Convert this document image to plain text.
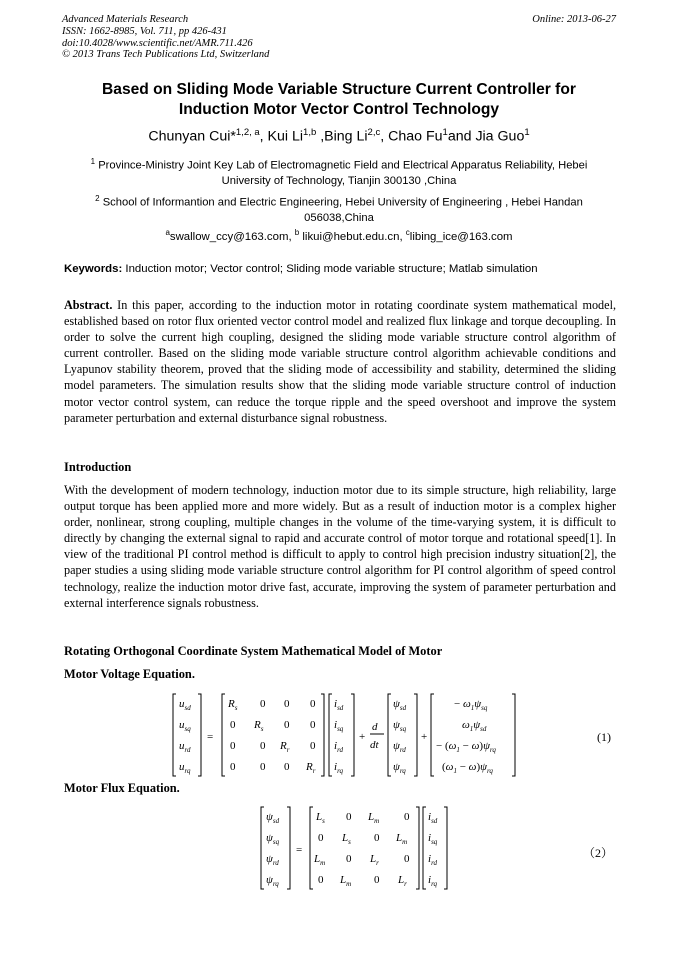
Advanced Materials Research
ISSN: 1662-8985, Vol. 711, pp 426-431
doi:10.4028/www.scientific.net/AMR.711.426
© 2013 Trans Tech Publications Ltd, Switzerland
Online: 2013-06-27
Based on Sliding Mode Variable Structure Current Controller for
Induction Motor Vector Control Technology
Chunyan Cui*$^{1,2, a}$, Kui Li$^{1,b}$ ,Bing Li$^{2,c}$, Chao Fu$^1$and Jia Guo$^1$
$^1$ Province-Ministry Joint Key Lab of Electromagnetic Field and Electrical Apparatus Reliability, Hebei
University of Technology, Tianjin 300130 ,China
$^2$ School of Informantion and Electric Engineering, Hebei University of Engineering , Hebei Handan
056038,China
$^a$swallow_ccy@163.com, $^b$ likui@hebut.edu.cn, $^c$libing_ice@163.com
Keywords: Induction motor; Vector control; Sliding mode variable structure; Matlab simulation
Abstract. In this paper, according to the induction motor in rotating coordinate system mathematical model, established based on rotor flux oriented vector control model and realized flux linkage and torque decoupling. In order to solve the current high coupling, designed the sliding mode variable structure control algorithm of current controller. Based on the sliding mode variable structure control algorithm achievable conditions and Lyapunov stability theorem, proved that the sliding mode of accessibility and stability, determined the sliding model parameters. The simulation results show that the sliding mode variable structure control of induction motor vector control system, can reduce the torque ripple and the speed overshoot and improve the system parameter perturbation and external disturbance signal robustness.
Introduction
With the development of modern technology, induction motor due to its simple structure, high reliability, large output torque has been applied more and more widely. But as a result of induction motor is a complex higher order, nonlinear, strong coupling, multiple changes in the volume of the time-varying system, it is difficult to directly by changing the external signal to rapid and accurate control of motor torque and rotational speed[1]. In view of the traditional PI control method is difficult to apply to control high precision industry situation[2], the paper studies a using sliding mode variable structure control algorithm for PI control algorithm of speed control technology, realize the induction motor drive fast, accurate, improving the system of parameter perturbation and external interference signals robustness.
Rotating Orthogonal Coordinate System Mathematical Model of Motor
Motor Voltage Equation.
$u_{sd}$
$u_{sq}$
$u_{rd}$
$u_{rq}$
=
$R_s$ 0 0 0
0 $R_s$ 0 0
0 0 $R_r$ 0
0 0 0 $R_r$
$i_{sd}$
$i_{sq}$
$i_{rd}$
$i_{rq}$
+
d
dt
$\psi_{sd}$
$\psi_{sq}$
$\psi_{rd}$
$\psi_{rq}$
+
− $\omega_1\psi_{sq}$
$\omega_1\psi_{sd}$
− $(\omega_1 - \omega)\psi_{rq}$
$(\omega_1 - \omega)\psi_{rq}$
(1)
Motor Flux Equation.
$\psi_{sd}$
$\psi_{sq}$
$\psi_{rd}$
$\psi_{rq}$
=
$L_s$ 0 $L_m$ 0
0 $L_s$ 0 $L_m$
$L_m$ 0 $L_r$ 0
0 $L_m$ 0 $L_r$
$i_{sd}$
$i_{sq}$
$i_{rd}$
$i_{rq}$
（2）
